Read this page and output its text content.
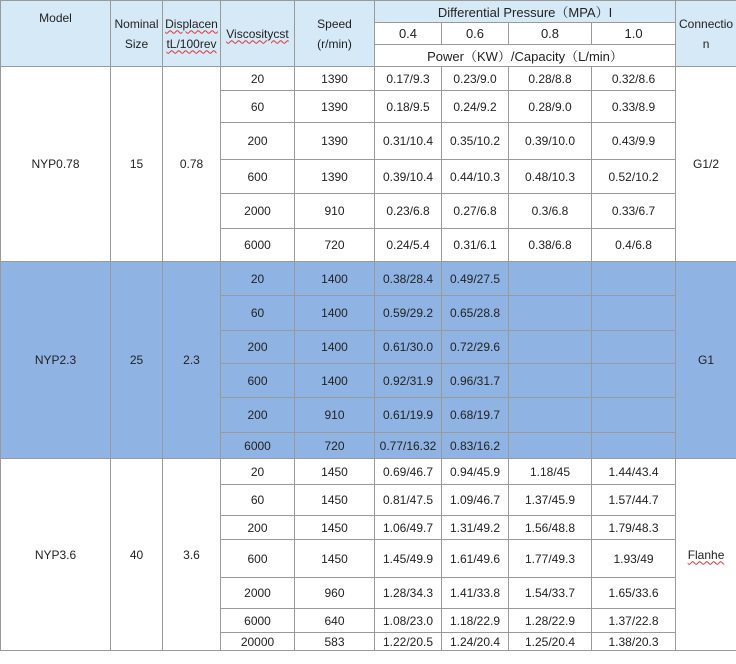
Model	Nominal Size	Displacen
tL/100rev	Viscositycst	Speed
(r/min)	Differential Pressure（MPA）I				Connectio
n
					0.4	0.6	0.8	1.0	
					Power（KW）/Capacity（L/min）				
NYP0.78	15	0.78	20	1390	0.17/9.3	0.23/9.0	0.28/8.8	0.32/8.6	G1/2
			60	1390	0.18/9.5	0.24/9.2	0.28/9.0	0.33/8.9	
			200	1390	0.31/10.4	0.35/10.2	0.39/10.0	0.43/9.9	
			600	1390	0.39/10.4	0.44/10.3	0.48/10.3	0.52/10.2	
			2000	910	0.23/6.8	0.27/6.8	0.3/6.8	0.33/6.7	
			6000	720	0.24/5.4	0.31/6.1	0.38/6.8	0.4/6.8	
NYP2.3	25	2.3	20	1400	0.38/28.4	0.49/27.5			G1
			60	1400	0.59/29.2	0.65/28.8			
			200	1400	0.61/30.0	0.72/29.6			
			600	1400	0.92/31.9	0.96/31.7			
			200	910	0.61/19.9	0.68/19.7			
			6000	720	0.77/16.32	0.83/16.2			
NYP3.6	40	3.6	20	1450	0.69/46.7	0.94/45.9	1.18/45	1.44/43.4	Flanhe
			60	1450	0.81/47.5	1.09/46.7	1.37/45.9	1.57/44.7	
			200	1450	1.06/49.7	1.31/49.2	1.56/48.8	1.79/48.3	
			600	1450	1.45/49.9	1.61/49.6	1.77/49.3	1.93/49	
			2000	960	1.28/34.3	1.41/33.8	1.54/33.7	1.65/33.6	
			6000	640	1.08/23.0	1.18/22.9	1.28/22.9	1.37/22.8	
			20000	583	1.22/20.5	1.24/20.4	1.25/20.4	1.38/20.3	
